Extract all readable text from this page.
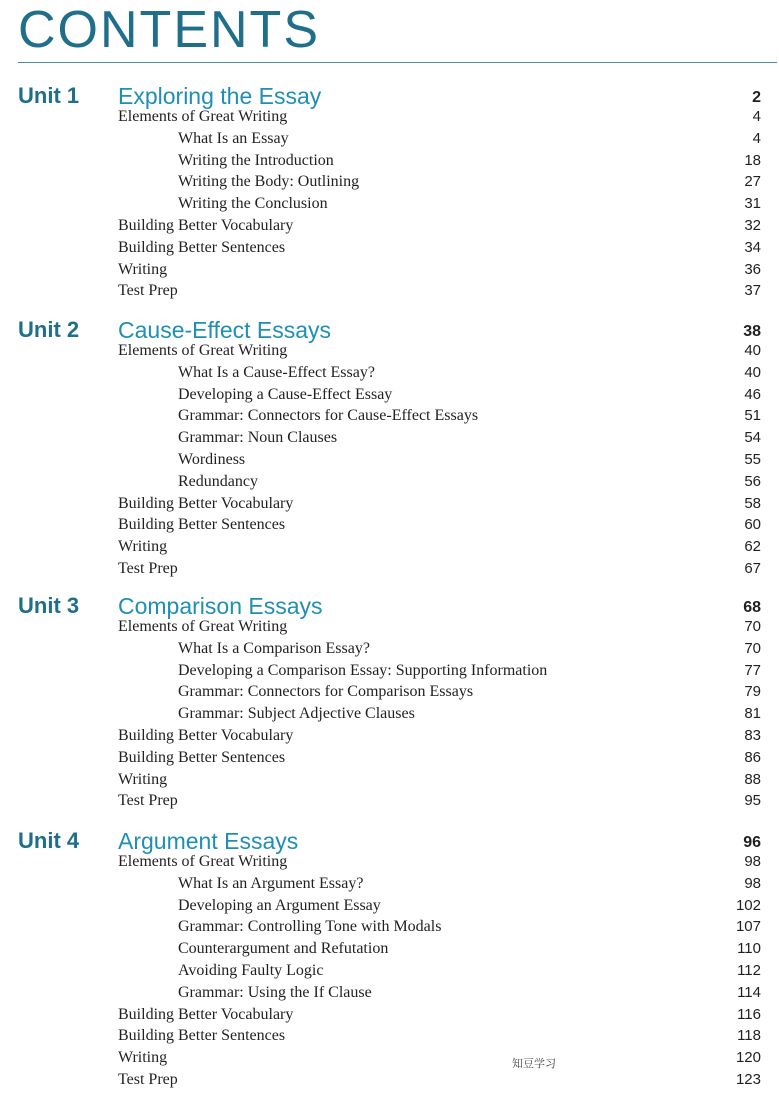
CONTENTS
Unit 1 Exploring the Essay	2
Elements of Great Writing	4
What Is an Essay	4
Writing the Introduction	18
Writing the Body: Outlining	27
Writing the Conclusion	31
Building Better Vocabulary	32
Building Better Sentences	34
Writing	36
Test Prep	37
Unit 2 Cause-Effect Essays	38
Elements of Great Writing	40
What Is a Cause-Effect Essay?	40
Developing a Cause-Effect Essay	46
Grammar: Connectors for Cause-Effect Essays	51
Grammar: Noun Clauses	54
Wordiness	55
Redundancy	56
Building Better Vocabulary	58
Building Better Sentences	60
Writing	62
Test Prep	67
Unit 3 Comparison Essays	68
Elements of Great Writing	70
What Is a Comparison Essay?	70
Developing a Comparison Essay: Supporting Information	77
Grammar: Connectors for Comparison Essays	79
Grammar: Subject Adjective Clauses	81
Building Better Vocabulary	83
Building Better Sentences	86
Writing	88
Test Prep	95
Unit 4 Argument Essays	96
Elements of Great Writing	98
What Is an Argument Essay?	98
Developing an Argument Essay	102
Grammar: Controlling Tone with Modals	107
Counterargument and Refutation	110
Avoiding Faulty Logic	112
Grammar: Using the If Clause	114
Building Better Vocabulary	116
Building Better Sentences	118
Writing	120
Test Prep	123
知豆学习
